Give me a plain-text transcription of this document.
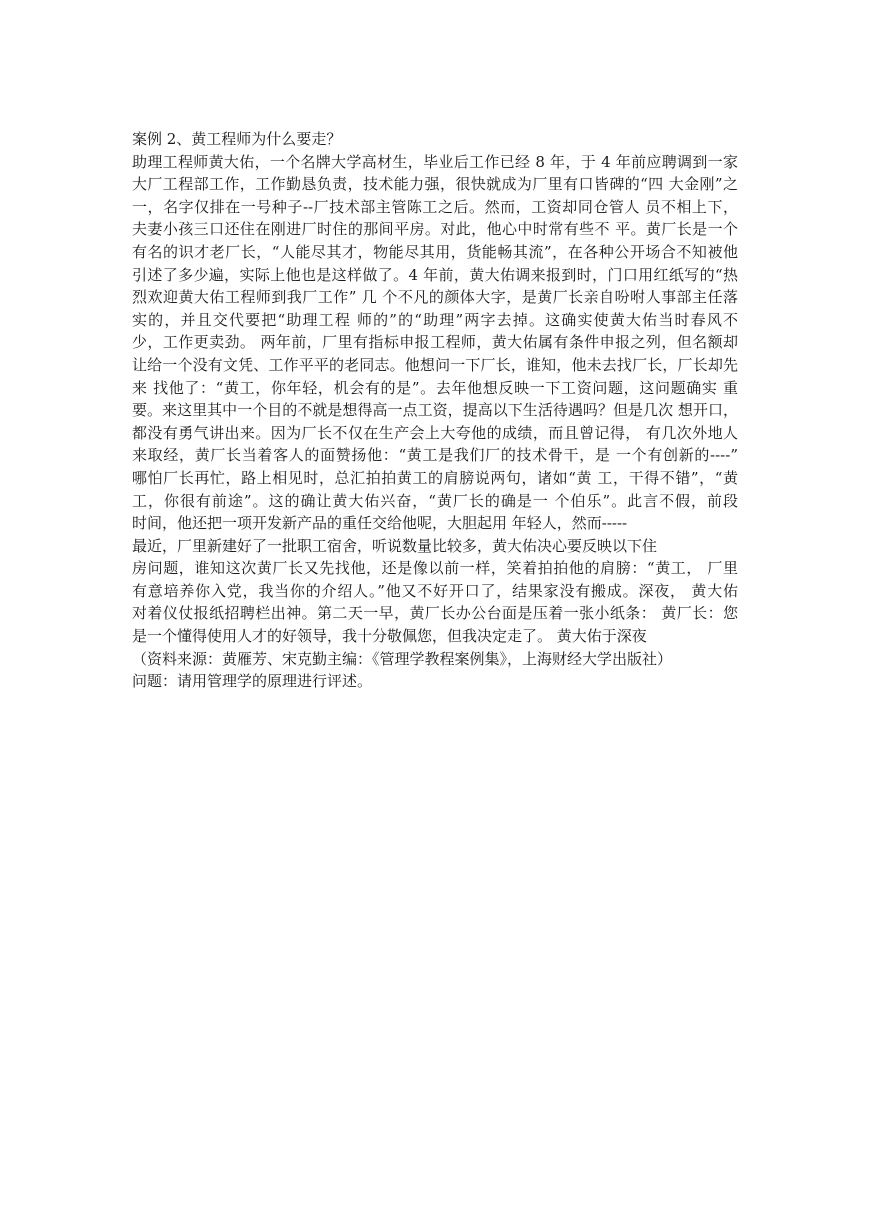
案例 2、黄工程师为什么要走？
助理工程师黄大佑，一个名牌大学高材生，毕业后工作已经 8 年，于 4 年前应聘调到一家
大厂工程部工作，工作勤恳负责，技术能力强，很快就成为厂里有口皆碑的“四 大金刚”之
一，名字仅排在一号种子--厂技术部主管陈工之后。然而，工资却同仓管人 员不相上下，
夫妻小孩三口还住在刚进厂时住的那间平房。对此，他心中时常有些不 平。黄厂长是一个
有名的识才老厂长，“人能尽其才，物能尽其用，货能畅其流”，在各种公开场合不知被他
引述了多少遍，实际上他也是这样做了。4 年前，黄大佑调来报到时，门口用红纸写的“热
烈欢迎黄大佑工程师到我厂工作” 几 个不凡的颜体大字，是黄厂长亲自吩咐人事部主任落
实的，并且交代要把“助理工程 师的”的“助理”两字去掉。这确实使黄大佑当时春风不
少，工作更卖劲。 两年前，厂里有指标申报工程师，黄大佑属有条件申报之列，但名额却
让给一个没有文凭、工作平平的老同志。他想问一下厂长，谁知，他未去找厂长，厂长却先
来 找他了：“黄工，你年轻，机会有的是”。去年他想反映一下工资问题，这问题确实 重
要。来这里其中一个目的不就是想得高一点工资，提高以下生活待遇吗？但是几次 想开口，
都没有勇气讲出来。因为厂长不仅在生产会上大夸他的成绩，而且曾记得， 有几次外地人
来取经，黄厂长当着客人的面赞扬他：“黄工是我们厂的技术骨干，是 一个有创新的----”
哪怕厂长再忙，路上相见时，总汇拍拍黄工的肩膀说两句，诸如“黄 工，干得不错”，“黄
工，你很有前途”。这的确让黄大佑兴奋，“黄厂长的确是一 个伯乐”。此言不假，前段
时间，他还把一项开发新产品的重任交给他呢，大胆起用 年轻人，然而-----
最近，厂里新建好了一批职工宿舍，听说数量比较多，黄大佑决心要反映以下住
房问题，谁知这次黄厂长又先找他，还是像以前一样，笑着拍拍他的肩膀：“黄工， 厂里
有意培养你入党，我当你的介绍人。”他又不好开口了，结果家没有搬成。深夜， 黄大佑
对着仪仗报纸招聘栏出神。第二天一早，黄厂长办公台面是压着一张小纸条： 黄厂长：您
是一个懂得使用人才的好领导，我十分敬佩您，但我决定走了。 黄大佑于深夜
（资料来源：黄雁芳、宋克勤主编：《管理学教程案例集》，上海财经大学出版社）
问题：请用管理学的原理进行评述。
